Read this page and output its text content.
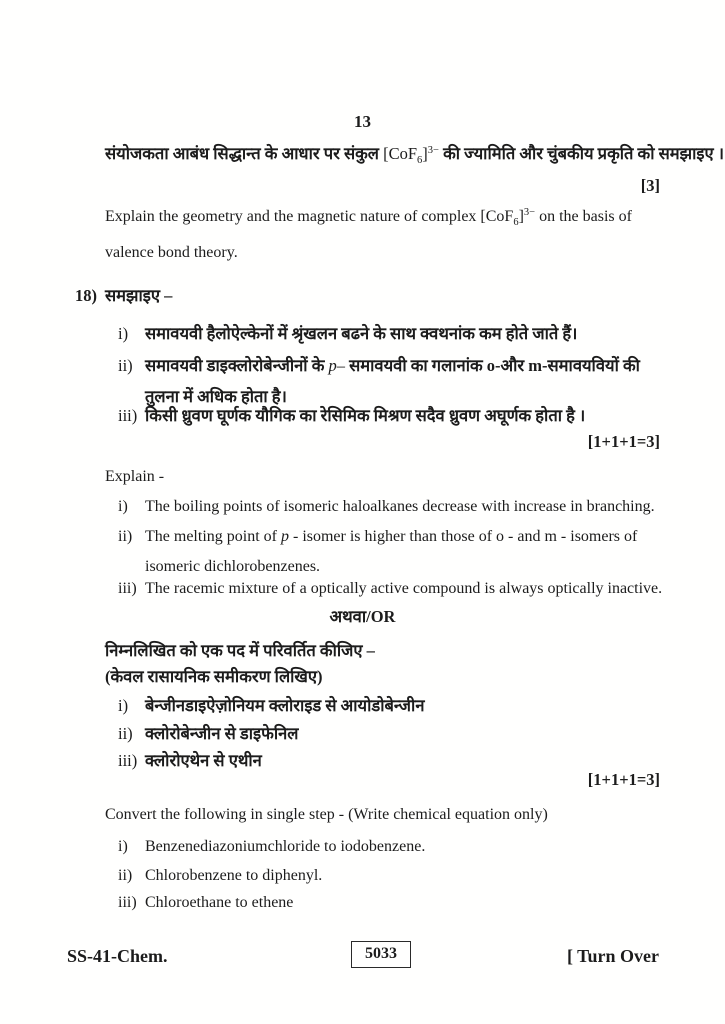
13
संयोजकता आबंध सिद्धान्त के आधार पर संकुल $[CoF_6]^{3-}$ की ज्यामिति और चुंबकीय प्रकृति को समझाइए ।
[3]
Explain the geometry and the magnetic nature of complex $[CoF_6]^{3-}$ on the basis of valence bond theory.
18) समझाइए –
i) समावयवी हैलोऐल्केनों में श्रृंखलन बढने के साथ क्वथनांक कम होते जाते हैं।
ii) समावयवी डाइक्लोरोबेन्जीनों के p– समावयवी का गलानांक o-और m-समावयवियों की तुलना में अधिक होता है।
iii) किसी ध्रुवण घूर्णक यौगिक का रेसिमिक मिश्रण सदैव ध्रुवण अघूर्णक होता है ।
[1+1+1=3]
Explain -
i) The boiling points of isomeric haloalkanes decrease with increase in branching.
ii) The melting point of p - isomer is higher than those of o - and m - isomers of isomeric dichlorobenzenes.
iii) The racemic mixture of a optically active compound is always optically inactive.
अथवा/OR
निम्नलिखित को एक पद में परिवर्तित कीजिए –
(केवल रासायनिक समीकरण लिखिए)
i) बेन्जीनडाइऐज़ोनियम क्लोराइड से आयोडोबेन्जीन
ii) क्लोरोबेन्जीन से डाइफेनिल
iii) क्लोरोएथेन से एथीन
[1+1+1=3]
Convert the following in single step - (Write chemical equation only)
i) Benzenediazoniumchloride to iodobenzene.
ii) Chlorobenzene to diphenyl.
iii) Chloroethane to ethene
SS-41-Chem.	5033	[ Turn Over
